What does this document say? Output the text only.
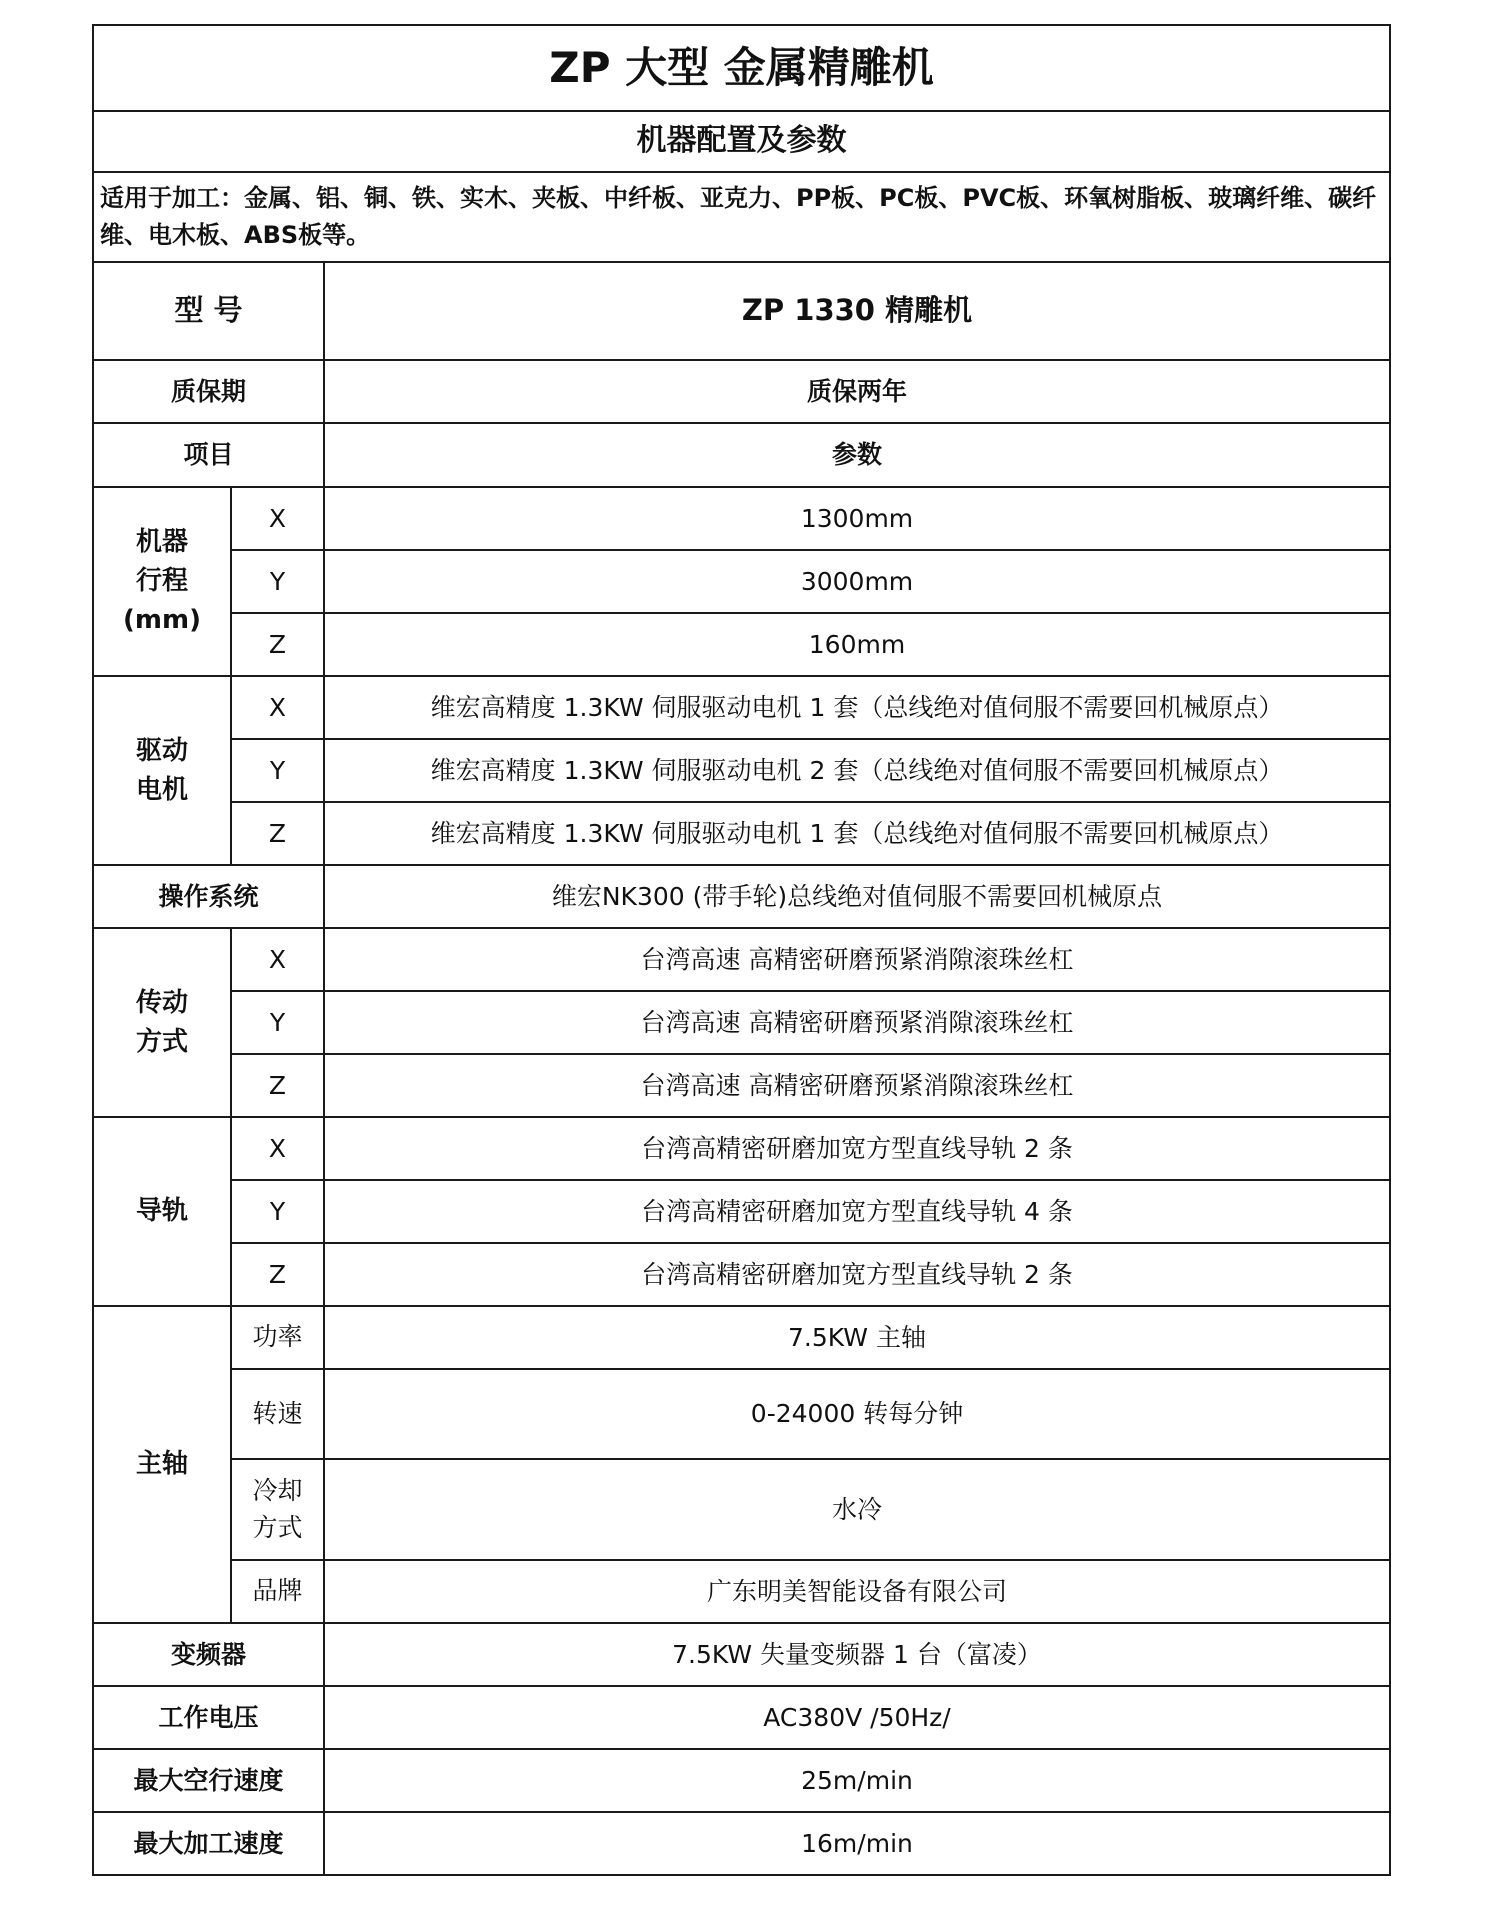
ZP 大型 金属精雕机		
机器配置及参数		
适用于加工：金属、铝、铜、铁、实木、夹板、中纤板、亚克力、PP板、PC板、PVC板、环氧树脂板、玻璃纤维、碳纤维、电木板、ABS板等。		
型 号		ZP 1330 精雕机
质保期		质保两年
项目		参数

机器
行程
(mm)	X	1300mm
	Y	3000mm
	Z	160mm

驱动
电机	X	维宏高精度 1.3KW 伺服驱动电机 1 套（总线绝对值伺服不需要回机械原点）
	Y	维宏高精度 1.3KW 伺服驱动电机 2 套（总线绝对值伺服不需要回机械原点）
	Z	维宏高精度 1.3KW 伺服驱动电机 1 套（总线绝对值伺服不需要回机械原点）
操作系统		维宏NK300 (带手轮)总线绝对值伺服不需要回机械原点

传动
方式	X	台湾高速 高精密研磨预紧消隙滚珠丝杠
	Y	台湾高速 高精密研磨预紧消隙滚珠丝杠
	Z	台湾高速 高精密研磨预紧消隙滚珠丝杠
导轨	X	台湾高精密研磨加宽方型直线导轨 2 条
	Y	台湾高精密研磨加宽方型直线导轨 4 条
	Z	台湾高精密研磨加宽方型直线导轨 2 条
主轴	功率	7.5KW 主轴
	转速	0-24000 转每分钟

	冷却
方式	水冷
	品牌	广东明美智能设备有限公司
变频器		7.5KW 失量变频器 1 台（富凌）
工作电压		AC380V /50Hz/
最大空行速度		25m/min
最大加工速度		16m/min
